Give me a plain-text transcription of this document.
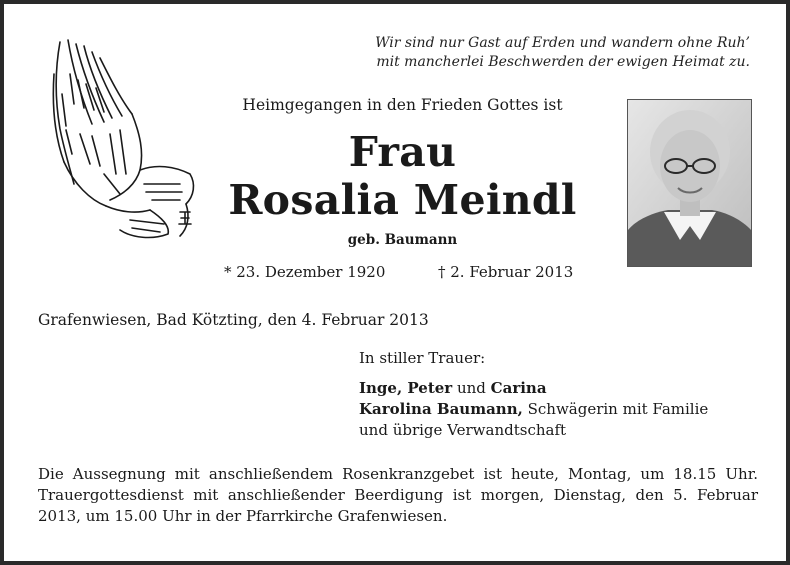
Wir sind nur Gast auf Erden und wandern ohne Ruh’
mit mancherlei Beschwerden der ewigen Heimat zu.
Heimgegangen in den Frieden Gottes ist
Frau
Rosalia Meindl
geb. Baumann
* 23. Dezember 1920	† 2. Februar 2013
Grafenwiesen, Bad Kötzting, den 4. Februar 2013
In stiller Trauer:
Inge, Peter und Carina
Karolina Baumann, Schwägerin mit Familie
und übrige Verwandtschaft
Die Aussegnung mit anschließendem Rosenkranzgebet ist heute, Montag, um 18.15 Uhr. Trauergottesdienst mit anschließender Beerdigung ist morgen, Dienstag, den 5. Februar 2013, um 15.00 Uhr in der Pfarrkirche Grafenwiesen.
